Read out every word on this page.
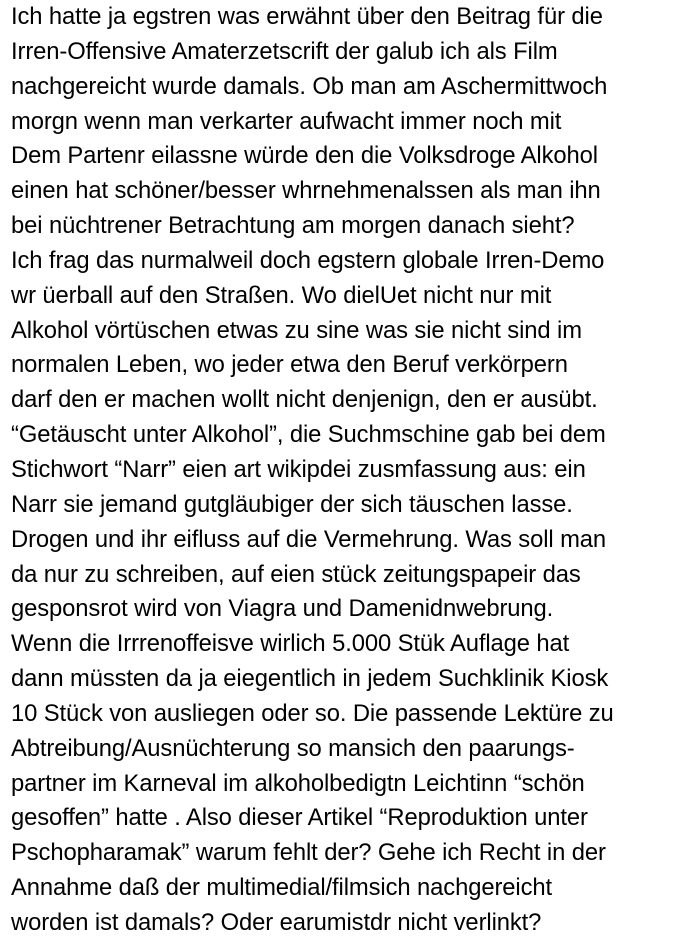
Ich hatte ja egstren was erwähnt über den Beitrag für die
Irren-Offensive Amaterzetscrift der galub ich als Film
nachgereicht wurde damals. Ob man am Aschermittwoch
morgn wenn man verkarter aufwacht immer noch mit
Dem Partenr eilassne würde den die Volksdroge Alkohol
einen hat schöner/besser whrnehmenalssen als man ihn
bei nüchtrener Betrachtung am morgen danach sieht?
Ich frag das nurmalweil doch egstern globale Irren-Demo
wr üerball auf den Straßen. Wo dielUet nicht nur mit
Alkohol vörtüschen etwas zu sine was sie nicht sind im
normalen Leben, wo jeder etwa den Beruf verkörpern
darf den er machen wollt nicht denjenign, den er ausübt.
“Getäuscht unter Alkohol”, die Suchmschine gab bei dem
Stichwort “Narr” eien art wikipdei zusmfassung aus: ein
Narr sie jemand gutgläubiger der sich täuschen lasse.
Drogen und ihr eifluss auf die Vermehrung. Was soll man
da nur zu schreiben, auf eien stück zeitungspapeir das
gesponsrot wird von Viagra und Damenidnwebrung.
Wenn die Irrrenoffeisve wirlich 5.000 Stük Auflage hat
dann müssten da ja eiegentlich in jedem Suchklinik Kiosk
10 Stück von ausliegen oder so. Die passende Lektüre zu
Abtreibung/Ausnüchterung so mansich den paarungs-
partner im Karneval im alkoholbedigtn Leichtinn “schön
gesoffen” hatte . Also dieser Artikel “Reproduktion unter
Pschopharamak” warum fehlt der? Gehe ich Recht in der
Annahme daß der multimedial/filmsich nachgereicht
worden ist damals? Oder earumistdr nicht verlinkt?
